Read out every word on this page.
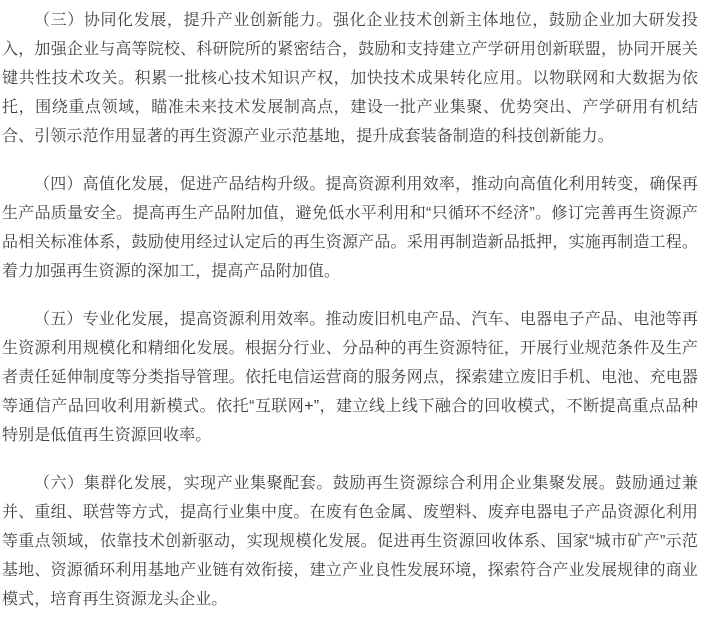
（三）协同化发展，提升产业创新能力。强化企业技术创新主体地位，鼓励企业加大研发投入，加强企业与高等院校、科研院所的紧密结合，鼓励和支持建立产学研用创新联盟，协同开展关键共性技术攻关。积累一批核心技术知识产权，加快技术成果转化应用。以物联网和大数据为依托，围绕重点领域，瞄准未来技术发展制高点，建设一批产业集聚、优势突出、产学研用有机结合、引领示范作用显著的再生资源产业示范基地，提升成套装备制造的科技创新能力。

（四）高值化发展，促进产品结构升级。提高资源利用效率，推动向高值化利用转变，确保再生产品质量安全。提高再生产品附加值，避免低水平利用和“只循环不经济”。修订完善再生资源产品相关标准体系，鼓励使用经过认定后的再生资源产品。采用再制造新品抵押，实施再制造工程。着力加强再生资源的深加工，提高产品附加值。

（五）专业化发展，提高资源利用效率。推动废旧机电产品、汽车、电器电子产品、电池等再生资源利用规模化和精细化发展。根据分行业、分品种的再生资源特征，开展行业规范条件及生产者责任延伸制度等分类指导管理。依托电信运营商的服务网点，探索建立废旧手机、电池、充电器等通信产品回收利用新模式。依托“互联网+”，建立线上线下融合的回收模式，不断提高重点品种特别是低值再生资源回收率。

（六）集群化发展，实现产业集聚配套。鼓励再生资源综合利用企业集聚发展。鼓励通过兼并、重组、联营等方式，提高行业集中度。在废有色金属、废塑料、废弃电器电子产品资源化利用等重点领域，依靠技术创新驱动，实现规模化发展。促进再生资源回收体系、国家“城市矿产”示范基地、资源循环利用基地产业链有效衔接，建立产业良性发展环境，探索符合产业发展规律的商业模式，培育再生资源龙头企业。
